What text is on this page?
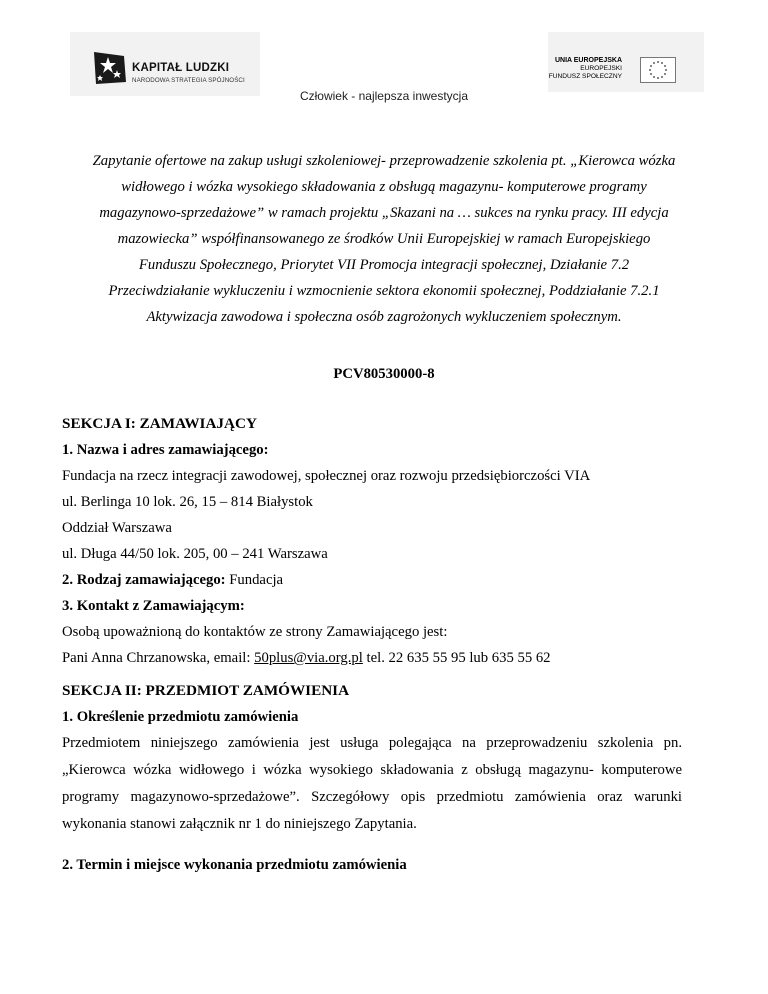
KAPITAŁ LUDZKI
NARODOWA STRATEGIA SPÓJNOŚCI
UNIA EUROPEJSKA
EUROPEJSKI
FUNDUSZ SPOŁECZNY
Człowiek - najlepsza inwestycja
Zapytanie ofertowe na zakup usługi szkoleniowej- przeprowadzenie szkolenia pt. „Kierowca wózka widłowego i wózka wysokiego składowania z obsługą magazynu- komputerowe programy magazynowo-sprzedażowe” w ramach projektu „Skazani na … sukces na rynku pracy. III edycja mazowiecka” współfinansowanego ze środków Unii Europejskiej w ramach Europejskiego Funduszu Społecznego, Priorytet VII Promocja integracji społecznej, Działanie 7.2 Przeciwdziałanie wykluczeniu i wzmocnienie sektora ekonomii społecznej, Poddziałanie 7.2.1 Aktywizacja zawodowa i społeczna osób zagrożonych wykluczeniem społecznym.
PCV80530000-8
SEKCJA I: ZAMAWIAJĄCY
1. Nazwa i adres zamawiającego:
Fundacja na rzecz integracji zawodowej, społecznej oraz rozwoju przedsiębiorczości VIA
ul. Berlinga 10 lok. 26, 15 – 814 Białystok
Oddział Warszawa
ul. Długa 44/50 lok. 205, 00 – 241 Warszawa
2. Rodzaj zamawiającego: Fundacja
3. Kontakt z Zamawiającym:
Osobą upoważnioną do kontaktów ze strony Zamawiającego jest:
Pani Anna Chrzanowska, email: 50plus@via.org.pl tel. 22 635 55 95 lub 635 55 62
SEKCJA II: PRZEDMIOT ZAMÓWIENIA
1. Określenie przedmiotu zamówienia
Przedmiotem niniejszego zamówienia jest usługa polegająca na przeprowadzeniu szkolenia pn. „Kierowca wózka widłowego i wózka wysokiego składowania z obsługą magazynu- komputerowe programy magazynowo-sprzedażowe”. Szczegółowy opis przedmiotu zamówienia oraz warunki wykonania stanowi załącznik nr 1 do niniejszego Zapytania.
2. Termin i miejsce wykonania przedmiotu zamówienia
